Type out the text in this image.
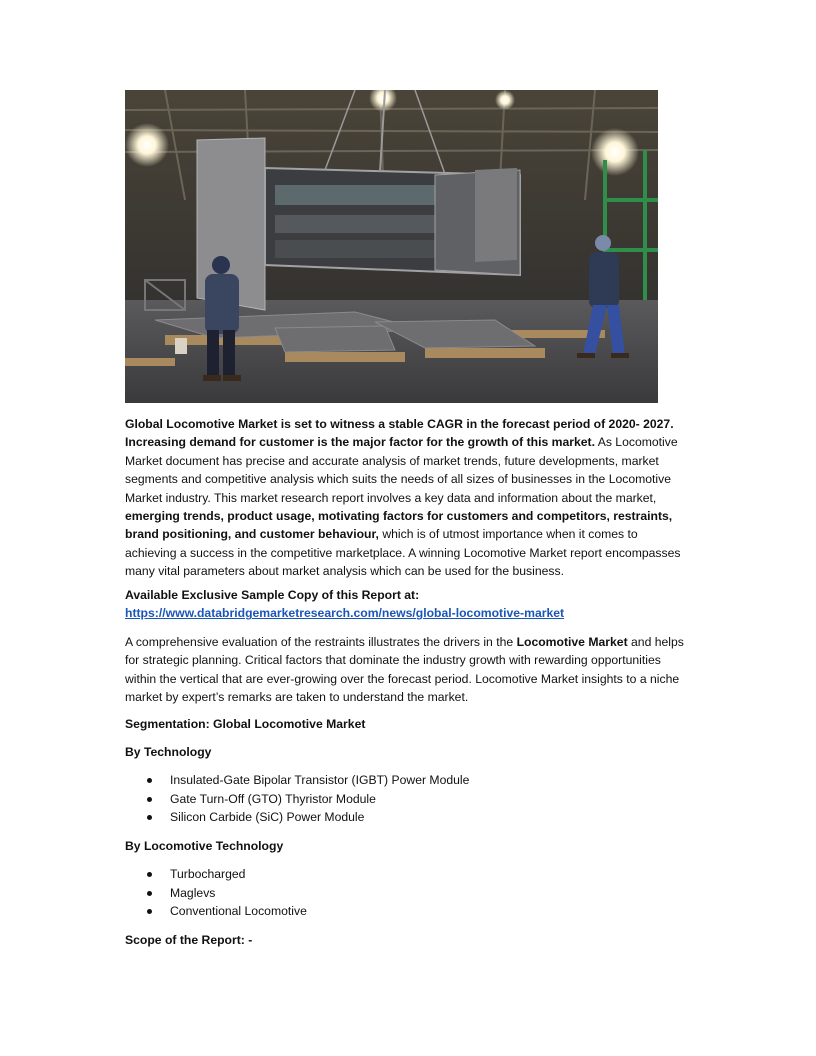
Global Locomotive Market is set to witness a stable CAGR in the forecast period of 2020- 2027. Increasing demand for customer is the major factor for the growth of this market. As Locomotive Market document has precise and accurate analysis of market trends, future developments, market segments and competitive analysis which suits the needs of all sizes of businesses in the Locomotive Market industry. This market research report involves a key data and information about the market, emerging trends, product usage, motivating factors for customers and competitors, restraints, brand positioning, and customer behaviour, which is of utmost importance when it comes to achieving a success in the competitive marketplace. A winning Locomotive Market report encompasses many vital parameters about market analysis which can be used for the business.

Available Exclusive Sample Copy of this Report at:

https://www.databridgemarketresearch.com/news/global-locomotive-market

A comprehensive evaluation of the restraints illustrates the drivers in the Locomotive Market and helps for strategic planning. Critical factors that dominate the industry growth with rewarding opportunities within the vertical that are ever-growing over the forecast period. Locomotive Market insights to a niche market by expert’s remarks are taken to understand the market.

Segmentation: Global Locomotive Market

By Technology

Insulated-Gate Bipolar Transistor (IGBT) Power Module
Gate Turn-Off (GTO) Thyristor Module
Silicon Carbide (SiC) Power Module

By Locomotive Technology

Turbocharged
Maglevs
Conventional Locomotive

Scope of the Report: -
